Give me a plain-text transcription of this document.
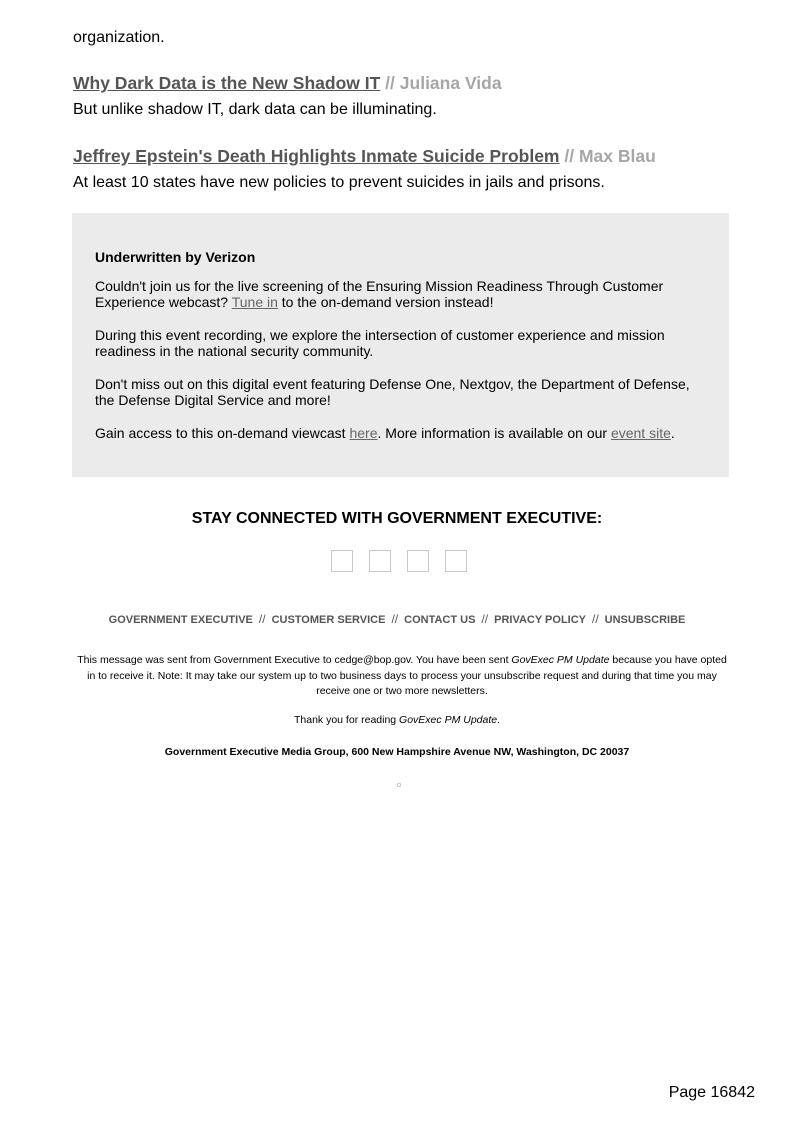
organization.

Why Dark Data is the New Shadow IT // Juliana Vida

But unlike shadow IT, dark data can be illuminating.

Jeffrey Epstein's Death Highlights Inmate Suicide Problem // Max Blau

At least 10 states have new policies to prevent suicides in jails and prisons.

Underwritten by Verizon

Couldn't join us for the live screening of the Ensuring Mission Readiness Through Customer Experience webcast? Tune in to the on-demand version instead!

During this event recording, we explore the intersection of customer experience and mission readiness in the national security community.

Don't miss out on this digital event featuring Defense One, Nextgov, the Department of Defense, the Defense Digital Service and more!

Gain access to this on-demand viewcast here. More information is available on our event site.

STAY CONNECTED WITH GOVERNMENT EXECUTIVE:
GOVERNMENT EXECUTIVE // CUSTOMER SERVICE // CONTACT US // PRIVACY POLICY // UNSUBSCRIBE
This message was sent from Government Executive to cedge@bop.gov. You have been sent GovExec PM Update because you have opted in to receive it. Note: It may take our system up to two business days to process your unsubscribe request and during that time you may receive one or two more newsletters.
Thank you for reading GovExec PM Update.
Government Executive Media Group, 600 New Hampshire Avenue NW, Washington, DC 20037
Page 16842
